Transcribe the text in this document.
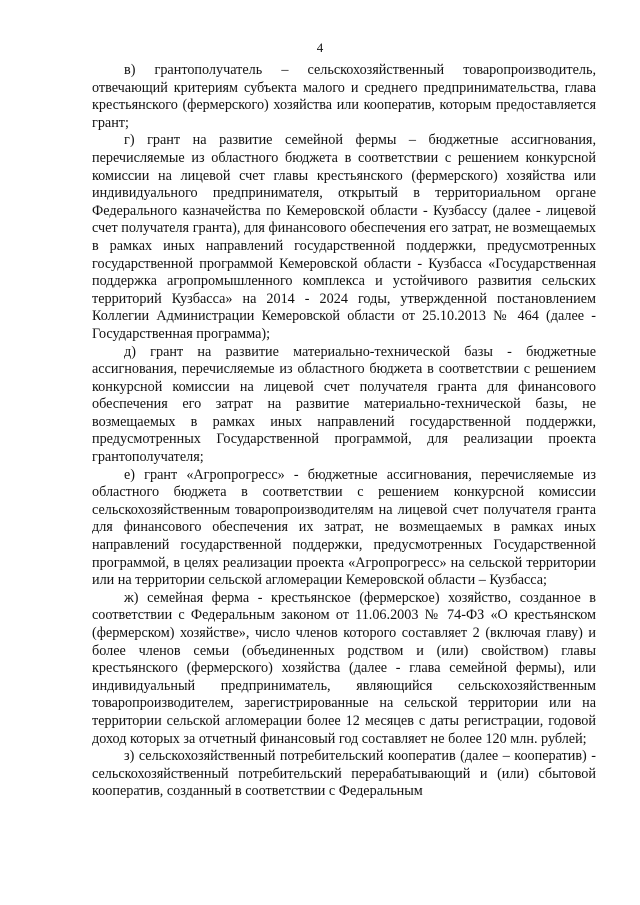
4

в) грантополучатель – сельскохозяйственный товаропроизводитель, отвечающий критериям субъекта малого и среднего предпринимательства, глава крестьянского (фермерского) хозяйства или кооператив, которым предоставляется грант;

г) грант на развитие семейной фермы – бюджетные ассигнования, перечисляемые из областного бюджета в соответствии с решением конкурсной комиссии на лицевой счет главы крестьянского (фермерского) хозяйства или индивидуального предпринимателя, открытый в территориальном органе Федерального казначейства по Кемеровской области - Кузбассу (далее - лицевой счет получателя гранта), для финансового обеспечения его затрат, не возмещаемых в рамках иных направлений государственной поддержки, предусмотренных государственной программой Кемеровской области - Кузбасса «Государственная поддержка агропромышленного комплекса и устойчивого развития сельских территорий Кузбасса» на 2014 - 2024 годы, утвержденной постановлением Коллегии Администрации Кемеровской области от 25.10.2013 № 464 (далее - Государственная программа);

д) грант на развитие материально-технической базы - бюджетные ассигнования, перечисляемые из областного бюджета в соответствии с решением конкурсной комиссии на лицевой счет получателя гранта для финансового обеспечения его затрат на развитие материально-технической базы, не возмещаемых в рамках иных направлений государственной поддержки, предусмотренных Государственной программой, для реализации проекта грантополучателя;

е) грант «Агропрогресс» - бюджетные ассигнования, перечисляемые из областного бюджета в соответствии с решением конкурсной комиссии сельскохозяйственным товаропроизводителям на лицевой счет получателя гранта для финансового обеспечения их затрат, не возмещаемых в рамках иных направлений государственной поддержки, предусмотренных Государственной программой, в целях реализации проекта «Агропрогресс» на сельской территории или на территории сельской агломерации Кемеровской области – Кузбасса;

ж) семейная ферма - крестьянское (фермерское) хозяйство, созданное в соответствии с Федеральным законом от 11.06.2003 № 74-ФЗ «О крестьянском (фермерском) хозяйстве», число членов которого составляет 2 (включая главу) и более членов семьи (объединенных родством и (или) свойством) главы крестьянского (фермерского) хозяйства (далее - глава семейной фермы), или индивидуальный предприниматель, являющийся сельскохозяйственным товаропроизводителем, зарегистрированные на сельской территории или на территории сельской агломерации более 12 месяцев с даты регистрации, годовой доход которых за отчетный финансовый год составляет не более 120 млн. рублей;

з) сельскохозяйственный потребительский кооператив (далее – кооператив) - сельскохозяйственный потребительский перерабатывающий и (или) сбытовой кооператив, созданный в соответствии с Федеральным
